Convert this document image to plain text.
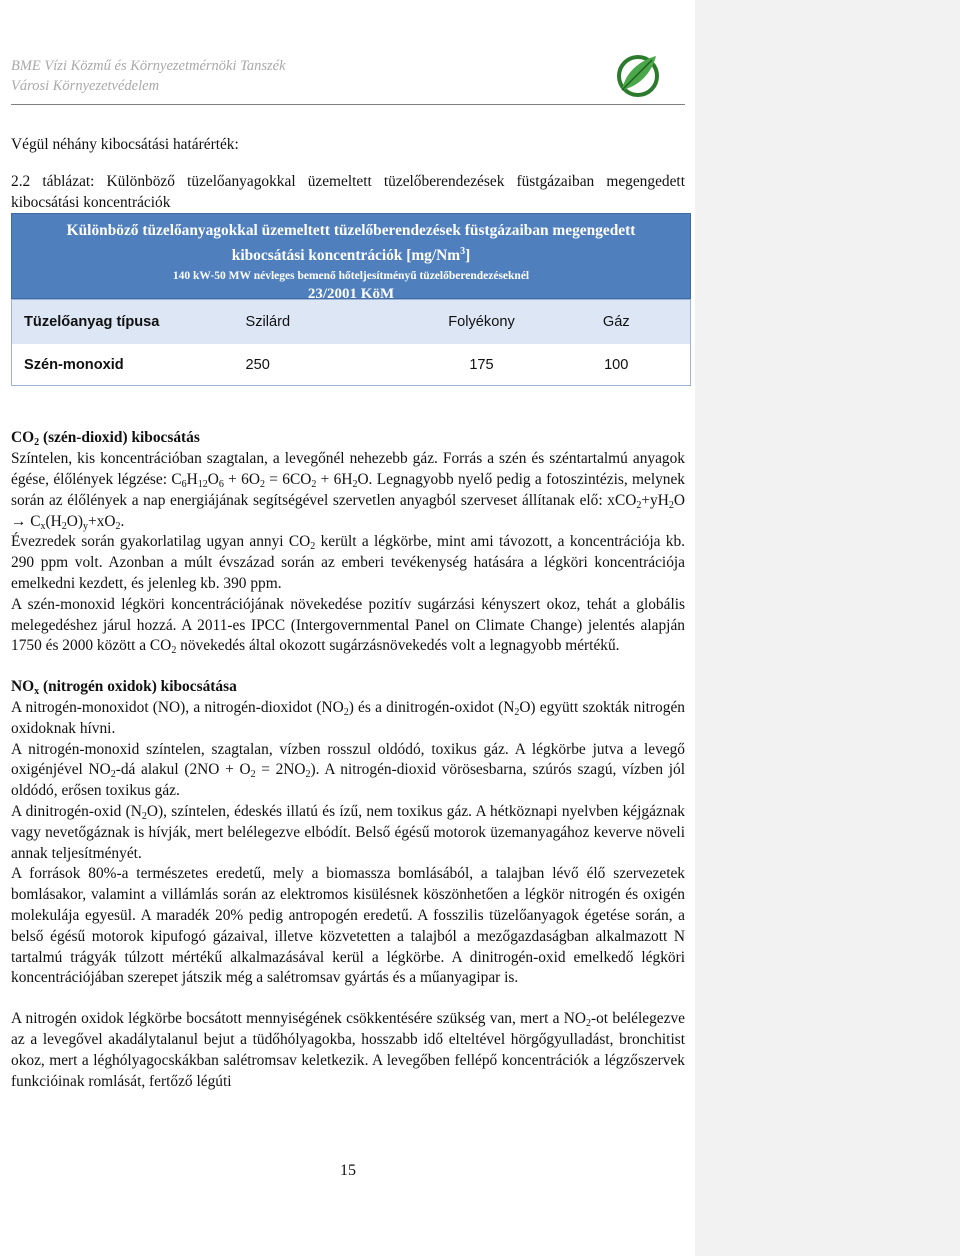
BME Vízi Közmű és Környezetmérnöki Tanszék
Városi Környezetvédelem

Végül néhány kibocsátási határérték:

2.2 táblázat: Különböző tüzelőanyagokkal üzemeltett tüzelőberendezések füstgázaiban megengedett kibocsátási koncentrációk

Különböző tüzelőanyagokkal üzemeltett tüzelőberendezések füstgázaiban megengedett
kibocsátási koncentrációk [mg/Nm$^3$]
140 kW-50 MW névleges bemenő hőteljesítményű tüzelőberendezéseknél
23/2001 KöM
Tüzelőanyag típusa	Szilárd	Folyékony	Gáz
Szén-monoxid	250	175	100
$CO_2$ (szén-dioxid) kibocsátás

Színtelen, kis koncentrációban szagtalan, a levegőnél nehezebb gáz. Forrás a szén és széntartalmú anyagok égése, élőlények légzése: $C_6H_{12}O_6 + 6O_2 = 6CO_2 + 6H_2O$. Legnagyobb nyelő pedig a fotoszintézis, melynek során az élőlények a nap energiájának segítségével szervetlen anyagból szerveset állítanak elő: $xCO_2+yH_2O \to C_x(H_2O)_y+xO_2$.

Évezredek során gyakorlatilag ugyan annyi $CO_2$ került a légkörbe, mint ami távozott, a koncentrációja kb. 290 ppm volt. Azonban a múlt évszázad során az emberi tevékenység hatására a légköri koncentrációja emelkedni kezdett, és jelenleg kb. 390 ppm.

A szén-monoxid légköri koncentrációjának növekedése pozitív sugárzási kényszert okoz, tehát a globális melegedéshez járul hozzá. A 2011-es IPCC (Intergovernmental Panel on Climate Change) jelentés alapján 1750 és 2000 között a $CO_2$ növekedés által okozott sugárzásnövekedés volt a legnagyobb mértékű.

$NO_x$ (nitrogén oxidok) kibocsátása

A nitrogén-monoxidot (NO), a nitrogén-dioxidot $(NO_2)$ és a dinitrogén-oxidot $(N_2O)$ együtt szokták nitrogén oxidoknak hívni.

A nitrogén-monoxid színtelen, szagtalan, vízben rosszul oldódó, toxikus gáz. A légkörbe jutva a levegő oxigénjével $NO_2-dá$ alakul $(2NO + O_2 = 2NO_2)$. A nitrogén-dioxid vörösesbarna, szúrós szagú, vízben jól oldódó, erősen toxikus gáz.

A dinitrogén-oxid $(N_2O)$, színtelen, édeskés illatú és ízű, nem toxikus gáz. A hétköznapi nyelvben kéjgáznak vagy nevetőgáznak is hívják, mert belélegezve elbódít. Belső égésű motorok üzemanyagához keverve növeli annak teljesítményét.

A források 80%-a természetes eredetű, mely a biomassza bomlásából, a talajban lévő élő szervezetek bomlásakor, valamint a villámlás során az elektromos kisülésnek köszönhetően a légkör nitrogén és oxigén molekulája egyesül. A maradék 20% pedig antropogén eredetű. A fosszilis tüzelőanyagok égetése során, a belső égésű motorok kipufogó gázaival, illetve közvetetten a talajból a mezőgazdaságban alkalmazott N tartalmú trágyák túlzott mértékű alkalmazásával kerül a légkörbe. A dinitrogén-oxid emelkedő légköri koncentrációjában szerepet játszik még a salétromsav gyártás és a műanyagipar is.

A nitrogén oxidok légkörbe bocsátott mennyiségének csökkentésére szükség van, mert a $NO_2-ot$ belélegezve az a levegővel akadálytalanul bejut a tüdőhólyagokba, hosszabb idő elteltével hörgőgyulladást, bronchitist okoz, mert a léghólyagocskákban salétromsav keletkezik. A levegőben fellépő koncentrációk a légzőszervek funkcióinak romlását, fertőző légúti

15
